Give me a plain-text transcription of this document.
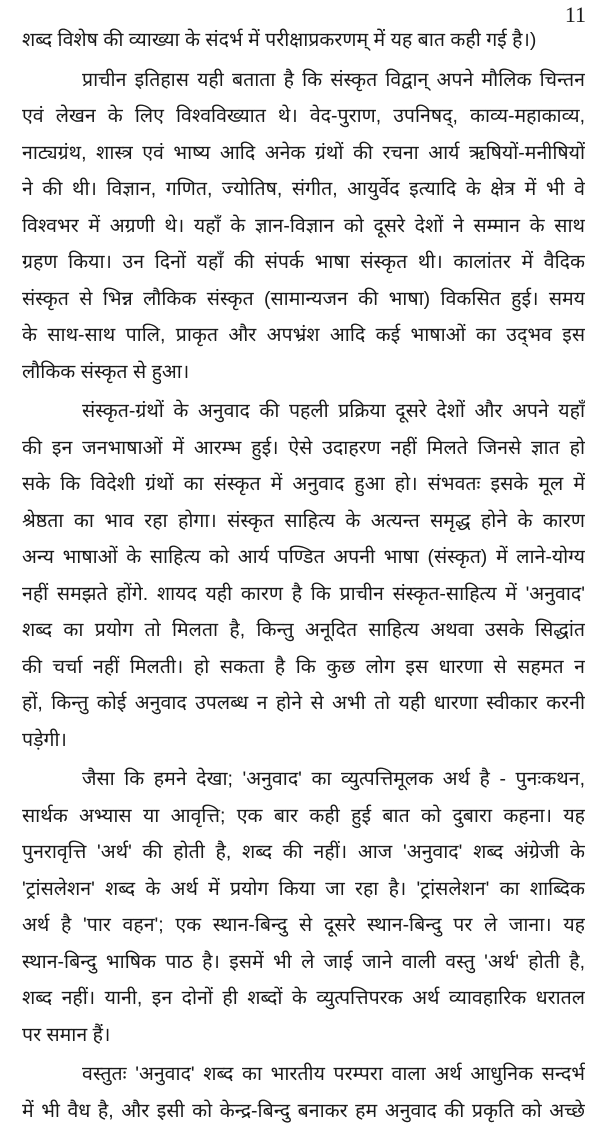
11
शब्द विशेष की व्याख्या के संदर्भ में परीक्षाप्रकरणम् में यह बात कही गई है।)
प्राचीन इतिहास यही बताता है कि संस्कृत विद्वान् अपने मौलिक चिन्तन
एवं लेखन के लिए विश्वविख्यात थे। वेद-पुराण, उपनिषद्, काव्य-महाकाव्य,
नाट्यग्रंथ, शास्त्र एवं भाष्य आदि अनेक ग्रंथों की रचना आर्य ऋषियों-मनीषियों
ने की थी। विज्ञान, गणित, ज्योतिष, संगीत, आयुर्वेद इत्यादि के क्षेत्र में भी वे
विश्वभर में अग्रणी थे। यहाँ के ज्ञान-विज्ञान को दूसरे देशों ने सम्मान के साथ
ग्रहण किया। उन दिनों यहाँ की संपर्क भाषा संस्कृत थी। कालांतर में वैदिक
संस्कृत से भिन्न लौकिक संस्कृत (सामान्यजन की भाषा) विकसित हुई। समय
के साथ-साथ पालि, प्राकृत और अपभ्रंश आदि कई भाषाओं का उद्‌भव इस
लौकिक संस्कृत से हुआ।
संस्कृत-ग्रंथों के अनुवाद की पहली प्रक्रिया दूसरे देशों और अपने यहाँ
की इन जनभाषाओं में आरम्भ हुई। ऐसे उदाहरण नहीं मिलते जिनसे ज्ञात हो
सके कि विदेशी ग्रंथों का संस्कृत में अनुवाद हुआ हो। संभवतः इसके मूल में
श्रेष्ठता का भाव रहा होगा। संस्कृत साहित्य के अत्यन्त समृद्ध होने के कारण
अन्य भाषाओं के साहित्य को आर्य पण्डित अपनी भाषा (संस्कृत) में लाने-योग्य
नहीं समझते होंगे. शायद यही कारण है कि प्राचीन संस्कृत-साहित्य में 'अनुवाद'
शब्द का प्रयोग तो मिलता है, किन्तु अनूदित साहित्य अथवा उसके सिद्धांत
की चर्चा नहीं मिलती। हो सकता है कि कुछ लोग इस धारणा से सहमत न
हों, किन्तु कोई अनुवाद उपलब्ध न होने से अभी तो यही धारणा स्वीकार करनी
पड़ेगी।
जैसा कि हमने देखा; 'अनुवाद' का व्युत्पत्तिमूलक अर्थ है - पुनःकथन,
सार्थक अभ्यास या आवृत्ति; एक बार कही हुई बात को दुबारा कहना। यह
पुनरावृत्ति 'अर्थ' की होती है, शब्द की नहीं। आज 'अनुवाद' शब्द अंग्रेजी के
'ट्रांसलेशन' शब्द के अर्थ में प्रयोग किया जा रहा है। 'ट्रांसलेशन' का शाब्दिक
अर्थ है 'पार वहन'; एक स्थान-बिन्दु से दूसरे स्थान-बिन्दु पर ले जाना। यह
स्थान-बिन्दु भाषिक पाठ है। इसमें भी ले जाई जाने वाली वस्तु 'अर्थ' होती है,
शब्द नहीं। यानी, इन दोनों ही शब्दों के व्युत्पत्तिपरक अर्थ व्यावहारिक धरातल
पर समान हैं।
वस्तुतः 'अनुवाद' शब्द का भारतीय परम्परा वाला अर्थ आधुनिक सन्दर्भ
में भी वैध है, और इसी को केन्द्र-बिन्दु बनाकर हम अनुवाद की प्रकृति को अच्छे
